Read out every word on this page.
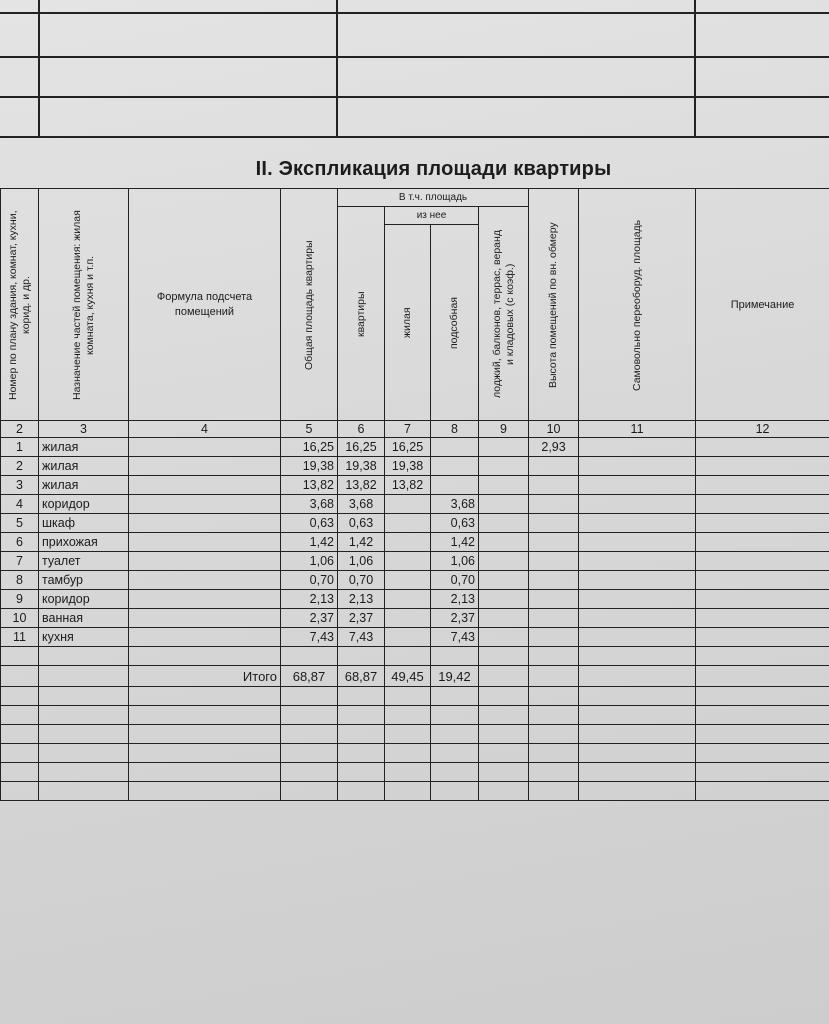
II. Экспликация площади квартиры
Номер по плану здания, комнат, кухни, корид. и др.	Назначение частей помещения: жилая комната, кухня и т.п.	Формула подсчета помещений	Общая площадь квартиры	В т.ч. площадь				Высота помещений по вн. обмеру	Самовольно переоборуд. площадь	Примечание

				квартиры	из нее		лоджий, балконов, террас, веранд и кладовых (с коэф.)			

					жилая	подсобная				

2	3	4	5	6	7	8	9	10	11	12
1	жилая		16,25	16,25	16,25			2,93		
2	жилая		19,38	19,38	19,38					
3	жилая		13,82	13,82	13,82					
4	коридор		3,68	3,68		3,68				
5	шкаф		0,63	0,63		0,63				
6	прихожая		1,42	1,42		1,42				
7	туалет		1,06	1,06		1,06				
8	тамбур		0,70	0,70		0,70				
9	коридор		2,13	2,13		2,13				
10	ванная		2,37	2,37		2,37				
11	кухня		7,43	7,43		7,43				

		Итого	68,87	68,87	49,45	19,42				
